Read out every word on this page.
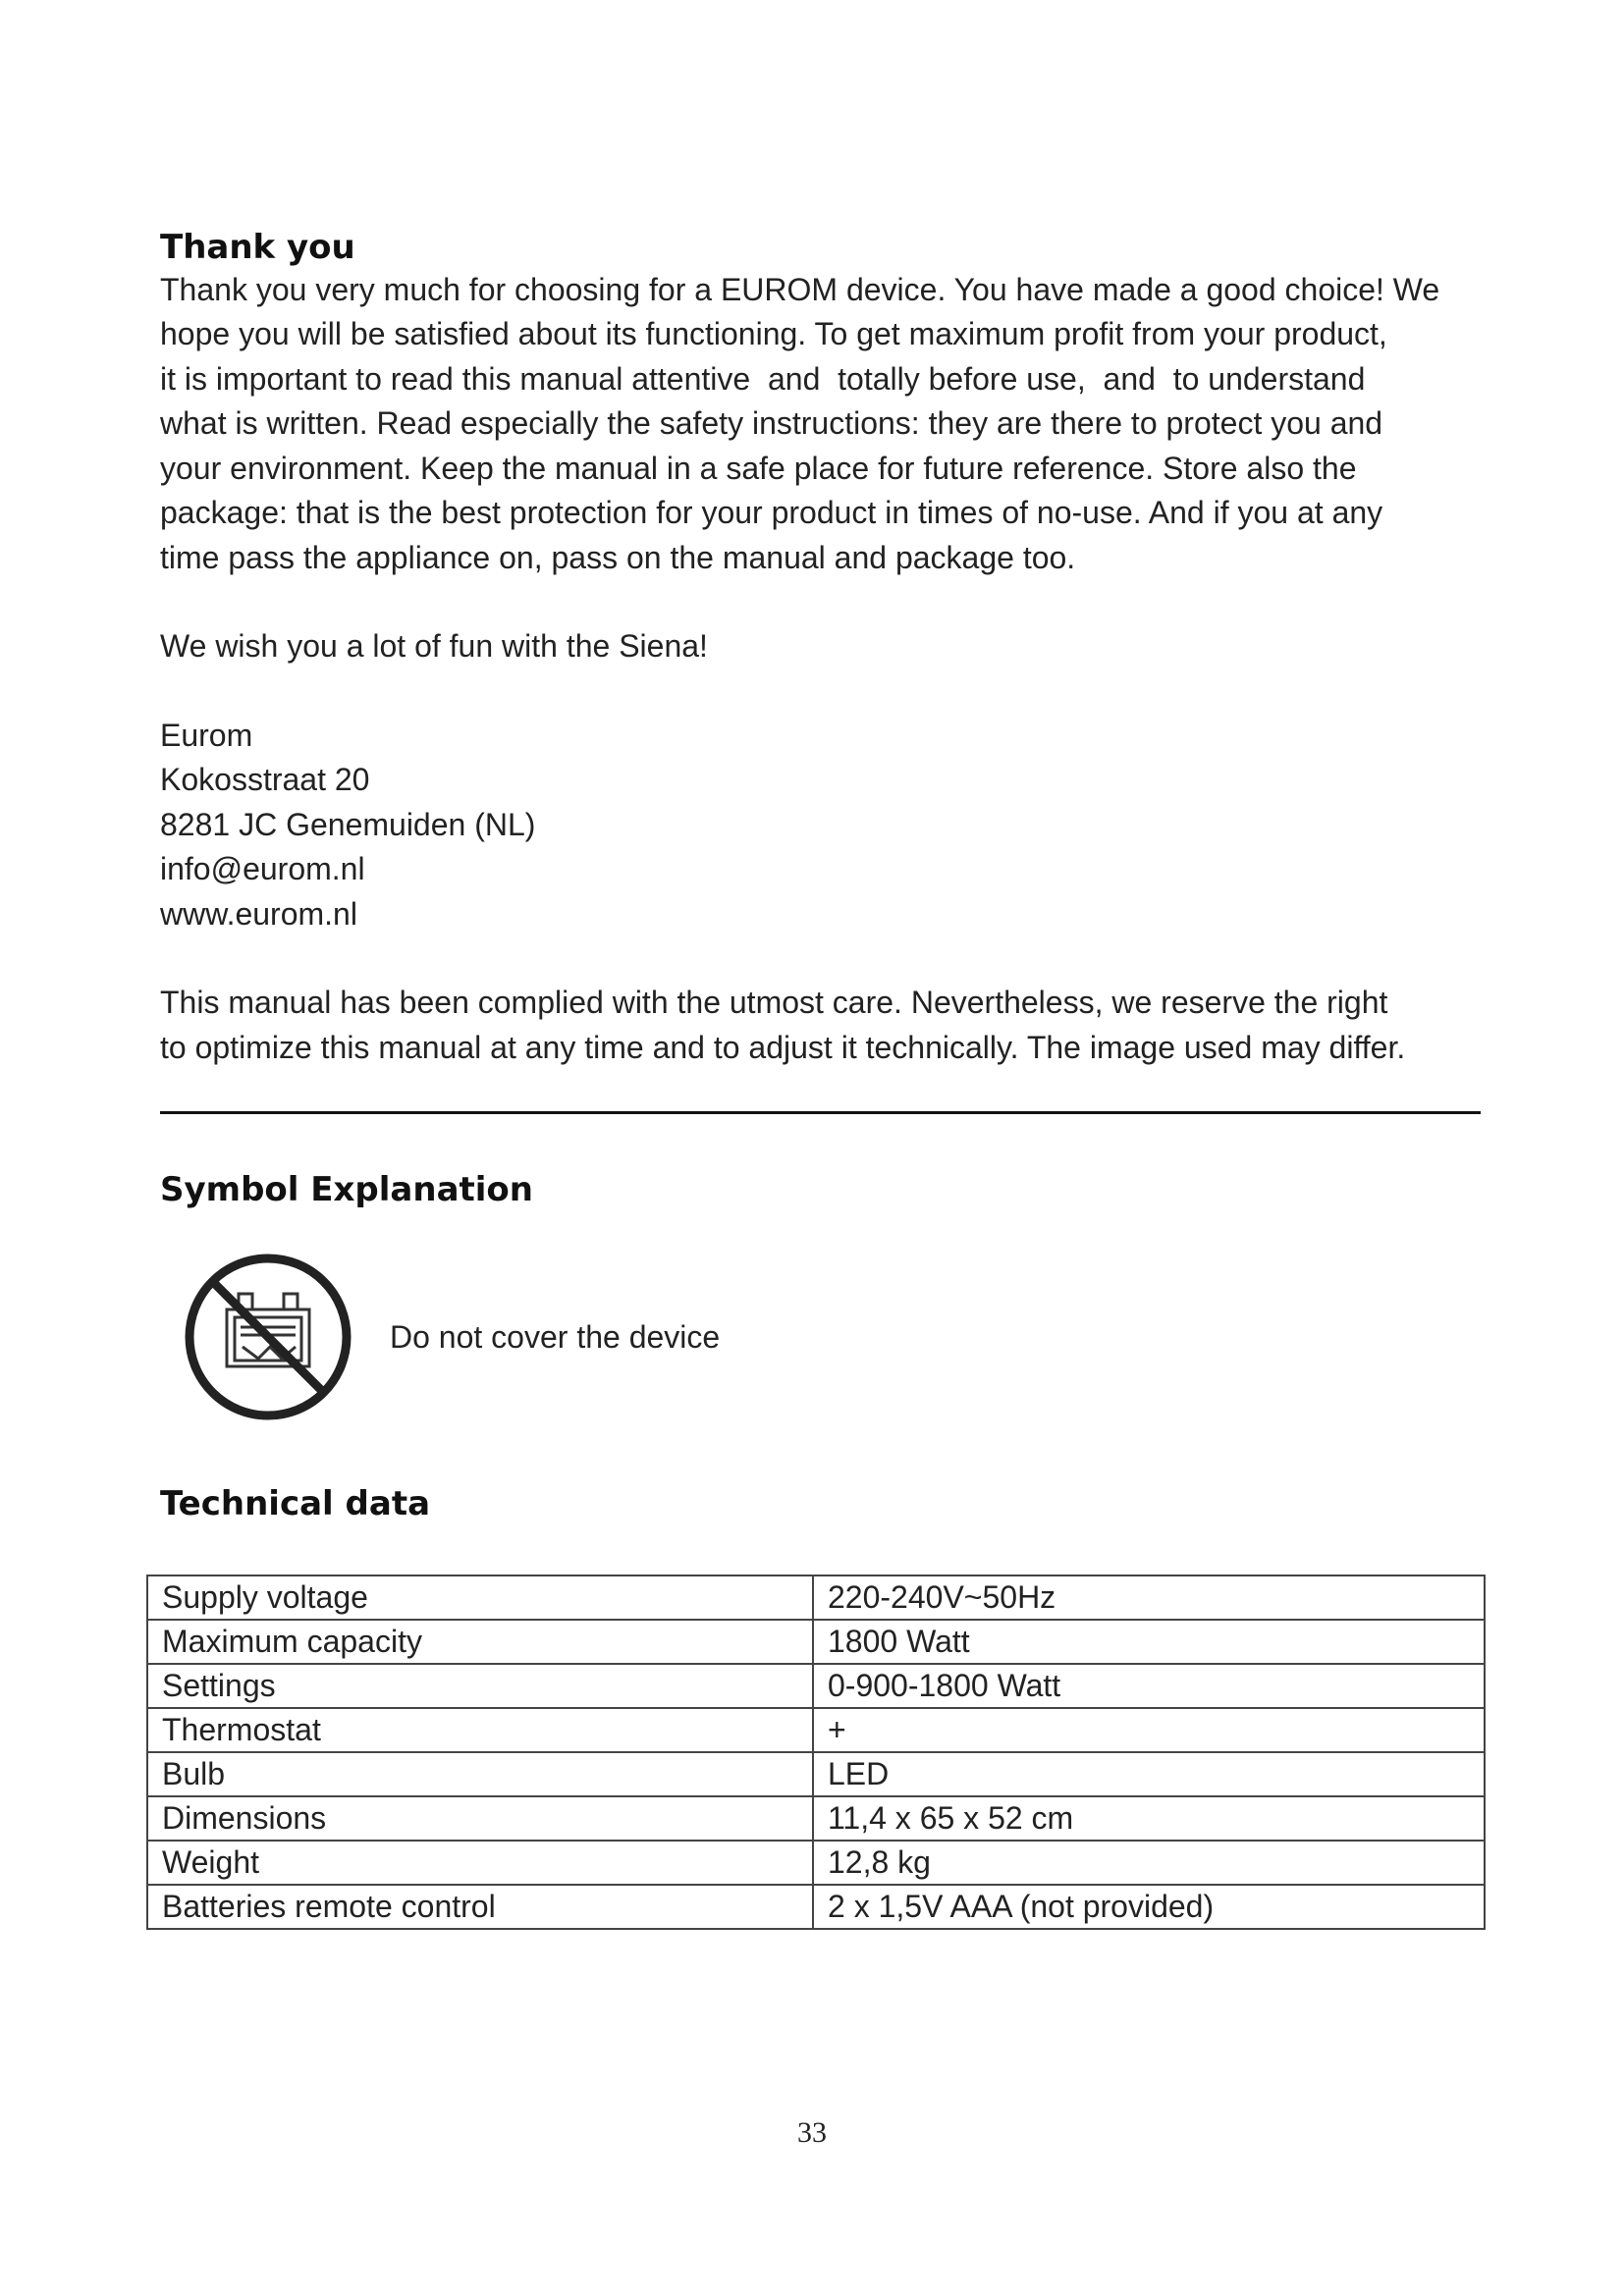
Thank you

Thank you very much for choosing for a EUROM device. You have made a good choice! We

hope you will be satisfied about its functioning. To get maximum profit from your product,

it is important to read this manual attentive  and  totally before use,  and  to understand

what is written. Read especially the safety instructions: they are there to protect you and

your environment. Keep the manual in a safe place for future reference. Store also the

package: that is the best protection for your product in times of no-use. And if you at any

time pass the appliance on, pass on the manual and package too.

We wish you a lot of fun with the Siena!

Eurom

Kokosstraat 20

8281 JC Genemuiden (NL)

info@eurom.nl

www.eurom.nl

This manual has been complied with the utmost care. Nevertheless, we reserve the right

to optimize this manual at any time and to adjust it technically. The image used may differ.

Symbol Explanation
Do not cover the device
Technical data
Supply voltage	220-240V~50Hz
Maximum capacity	1800 Watt
Settings	0-900-1800 Watt
Thermostat	+
Bulb	LED
Dimensions	11,4 x 65 x 52 cm
Weight	12,8 kg
Batteries remote control	2 x 1,5V AAA (not provided)
33
